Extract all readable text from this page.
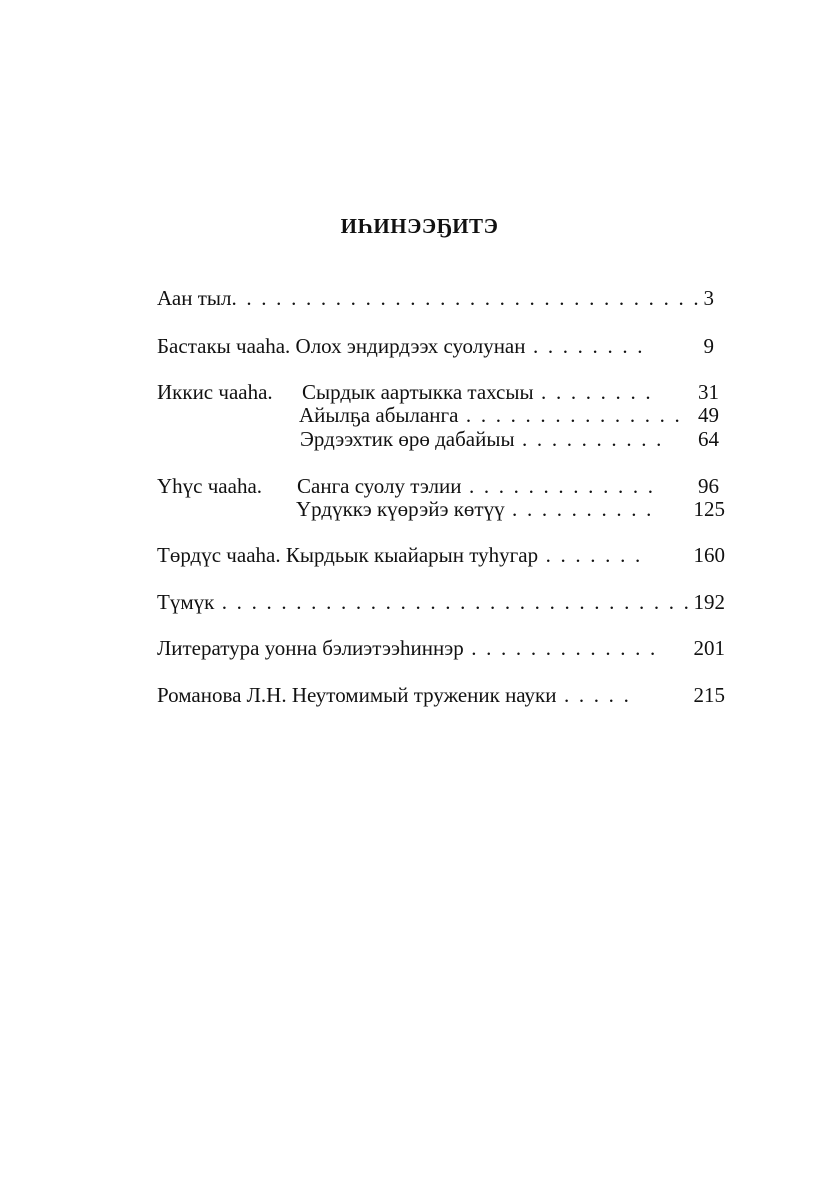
ИҺИНЭЭҔИТЭ
Аан тыл. . . . . . . . . . . . . . . . . . . . . . . . . . . . . . . . 3
Бастакы чааһа. Олох эндирдээх суолунан . . . . . . . .	9
Иккис чааһа. Сырдык аартыкка тахсыы . . . . . . . .	31
Айылҕа абыланга . . . . . . . . . . . . . . . 49
Эрдээхтик өрө дабайыы . . . . . . . . . .	64
Үһүс чааһа. Санга суолу тэлии . . . . . . . . . . . . .	96
Үрдүккэ күөрэйэ көтүү . . . . . . . . . .	125
Төрдүс чааһа. Кырдьык кыайарын туһугар . . . . . . .	160
Түмүк . . . . . . . . . . . . . . . . . . . . . . . . . . . . . . . . 192
Литература уонна бэлиэтээһиннэр . . . . . . . . . . . . .	201
Романова Л.Н. Неутомимый труженик науки . . . . .	215
